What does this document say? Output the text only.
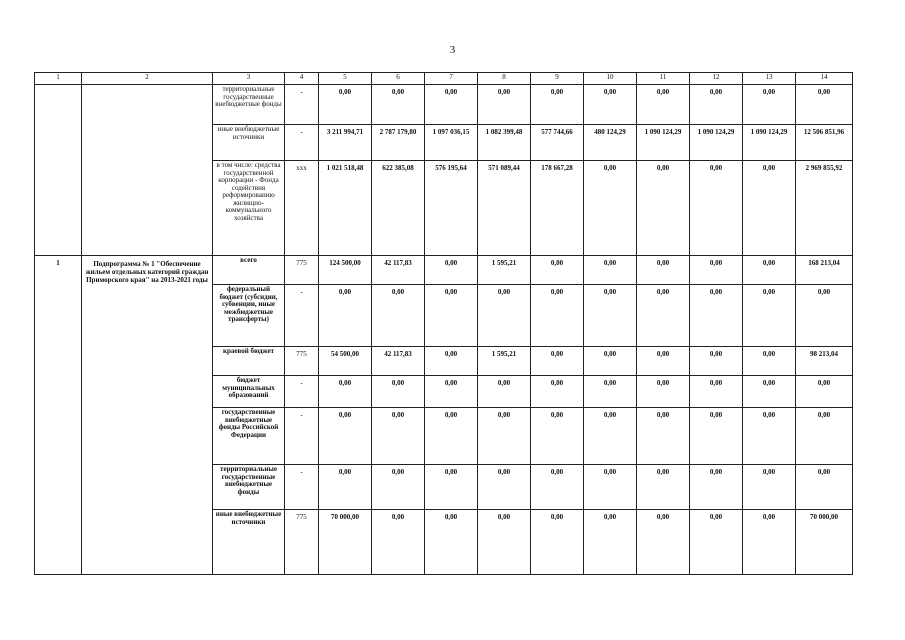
3
1	2	3	4	5	6	7	8	9	10	11	12	13	14
		территориальные государственные внебюджетные фонды	-	0,00	0,00	0,00	0,00	0,00	0,00	0,00	0,00	0,00	0,00
		иные внебюджетные источники	-	3 211 994,71	2 787 179,80	1 097 036,15	1 082 399,48	577 744,66	480 124,29	1 090 124,29	1 090 124,29	1 090 124,29	12 506 851,96
		в том числе: средства государственной корпорации - Фонда содействия реформированию жилищно-коммунального хозяйства	ххх	1 021 518,48	622 385,08	576 195,64	571 089,44	178 667,28	0,00	0,00	0,00	0,00	2 969 855,92
1	Подпрограмма № 1 "Обеспечение жильем отдельных категорий граждан Приморского края" на 2013-2021 годы	всего	775	124 500,00	42 117,83	0,00	1 595,21	0,00	0,00	0,00	0,00	0,00	168 213,04
		федеральный бюджет (субсидии, субвенции, иные межбюджетные трансферты)	-	0,00	0,00	0,00	0,00	0,00	0,00	0,00	0,00	0,00	0,00
		краевой бюджет	775	54 500,00	42 117,83	0,00	1 595,21	0,00	0,00	0,00	0,00	0,00	98 213,04
		бюджет муниципальных образований	-	0,00	0,00	0,00	0,00	0,00	0,00	0,00	0,00	0,00	0,00
		государственные внебюджетные фонды Российской Федерации	-	0,00	0,00	0,00	0,00	0,00	0,00	0,00	0,00	0,00	0,00
		территориальные государственные внебюджетные фонды	-	0,00	0,00	0,00	0,00	0,00	0,00	0,00	0,00	0,00	0,00
		иные внебюджетные источники	775	70 000,00	0,00	0,00	0,00	0,00	0,00	0,00	0,00	0,00	70 000,00
